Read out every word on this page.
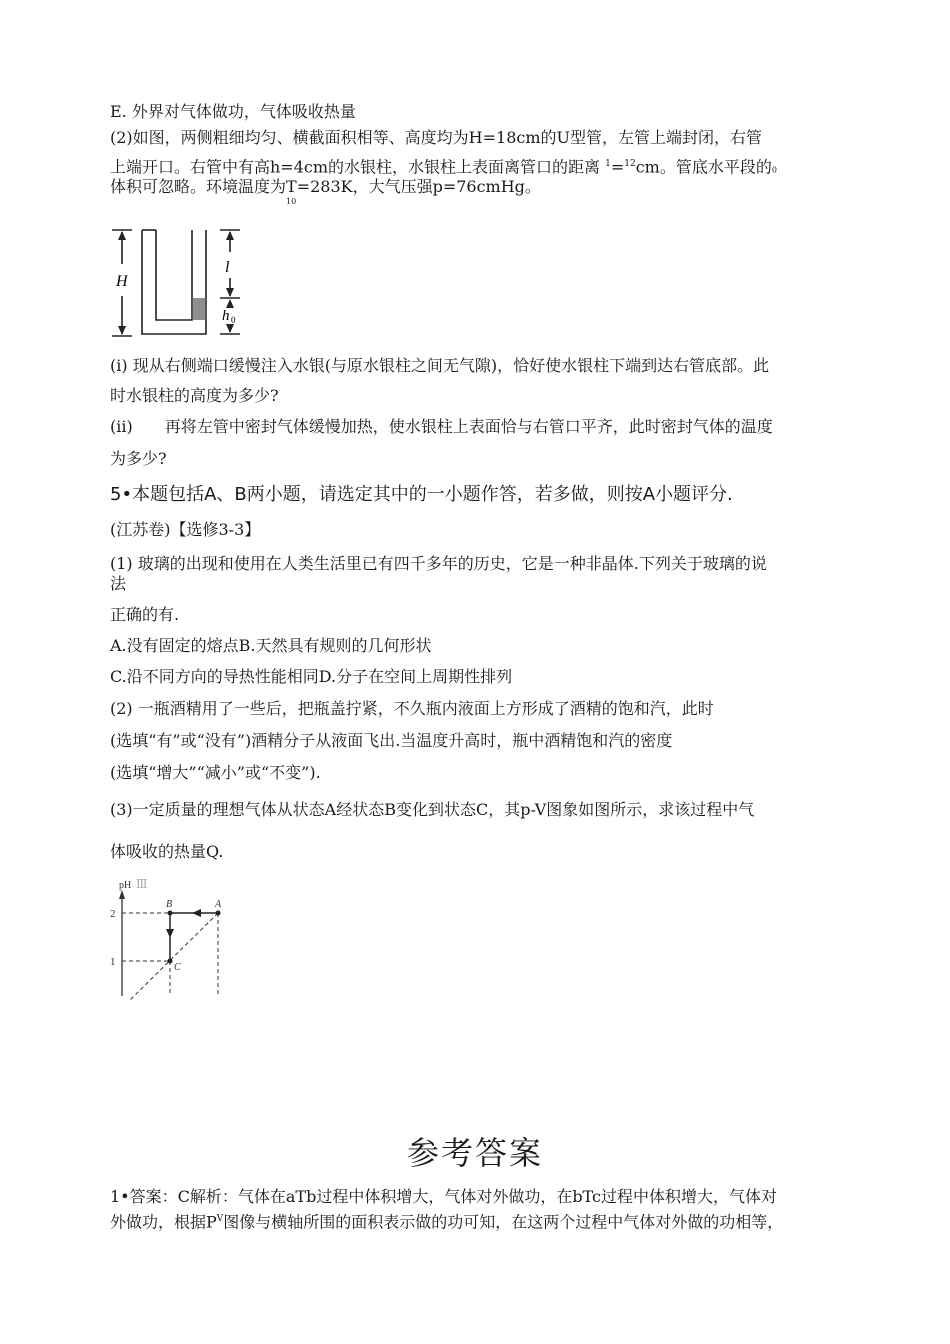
E. 外界对气体做功，气体吸收热量
(2)如图，两侧粗细均匀、横截面积相等、高度均为H=18cm的U型管，左管上端封闭，右管
上端开口。右管中有高h=4cm的水银柱，水银柱上表面离管口的距离 $^1$=$^{12}$cm。管底水平段的0
体积可忽略。环境温度为
10
T=283K，大气压强p=76cmHg。
H
l
h 0
(i) 现从右侧端口缓慢注入水银(与原水银柱之间无气隙)，恰好使水银柱下端到达右管底部。此
时水银柱的高度为多少?
(ii) 再将左管中密封气体缓慢加热，使水银柱上表面恰与右管口平齐，此时密封气体的温度
为多少?
5•本题包括A、B两小题，请选定其中的一小题作答，若多做，则按A小题评分.
(江苏卷)【选修3-3】
(1) 玻璃的出现和使用在人类生活里已有四千多年的历史，它是一种非晶体.下列关于玻璃的说
法
正确的有.
A.没有固定的熔点B.天然具有规则的几何形状
C.沿不同方向的导热性能相同D.分子在空间上周期性排列
(2) 一瓶酒精用了一些后，把瓶盖拧紧，不久瓶内液面上方形成了酒精的饱和汽，此时
(选填“有”或“没有”)酒精分子从液面飞出.当温度升高时，瓶中酒精饱和汽的密度
(选填“增大”“减小”或“不变”).
(3)一定质量的理想气体从状态A经状态B变化到状态C，其p-V图象如图所示，求该过程中气
体吸收的热量Q.
pH Ⅲ
2
1
A
B
C
参考答案
1•答案：C解析：气体在aTb过程中体积增大，气体对外做功，在bTc过程中体积增大，气体对
外做功，根据$P^V$图像与横轴所围的面积表示做的功可知，在这两个过程中气体对外做的功相等，
